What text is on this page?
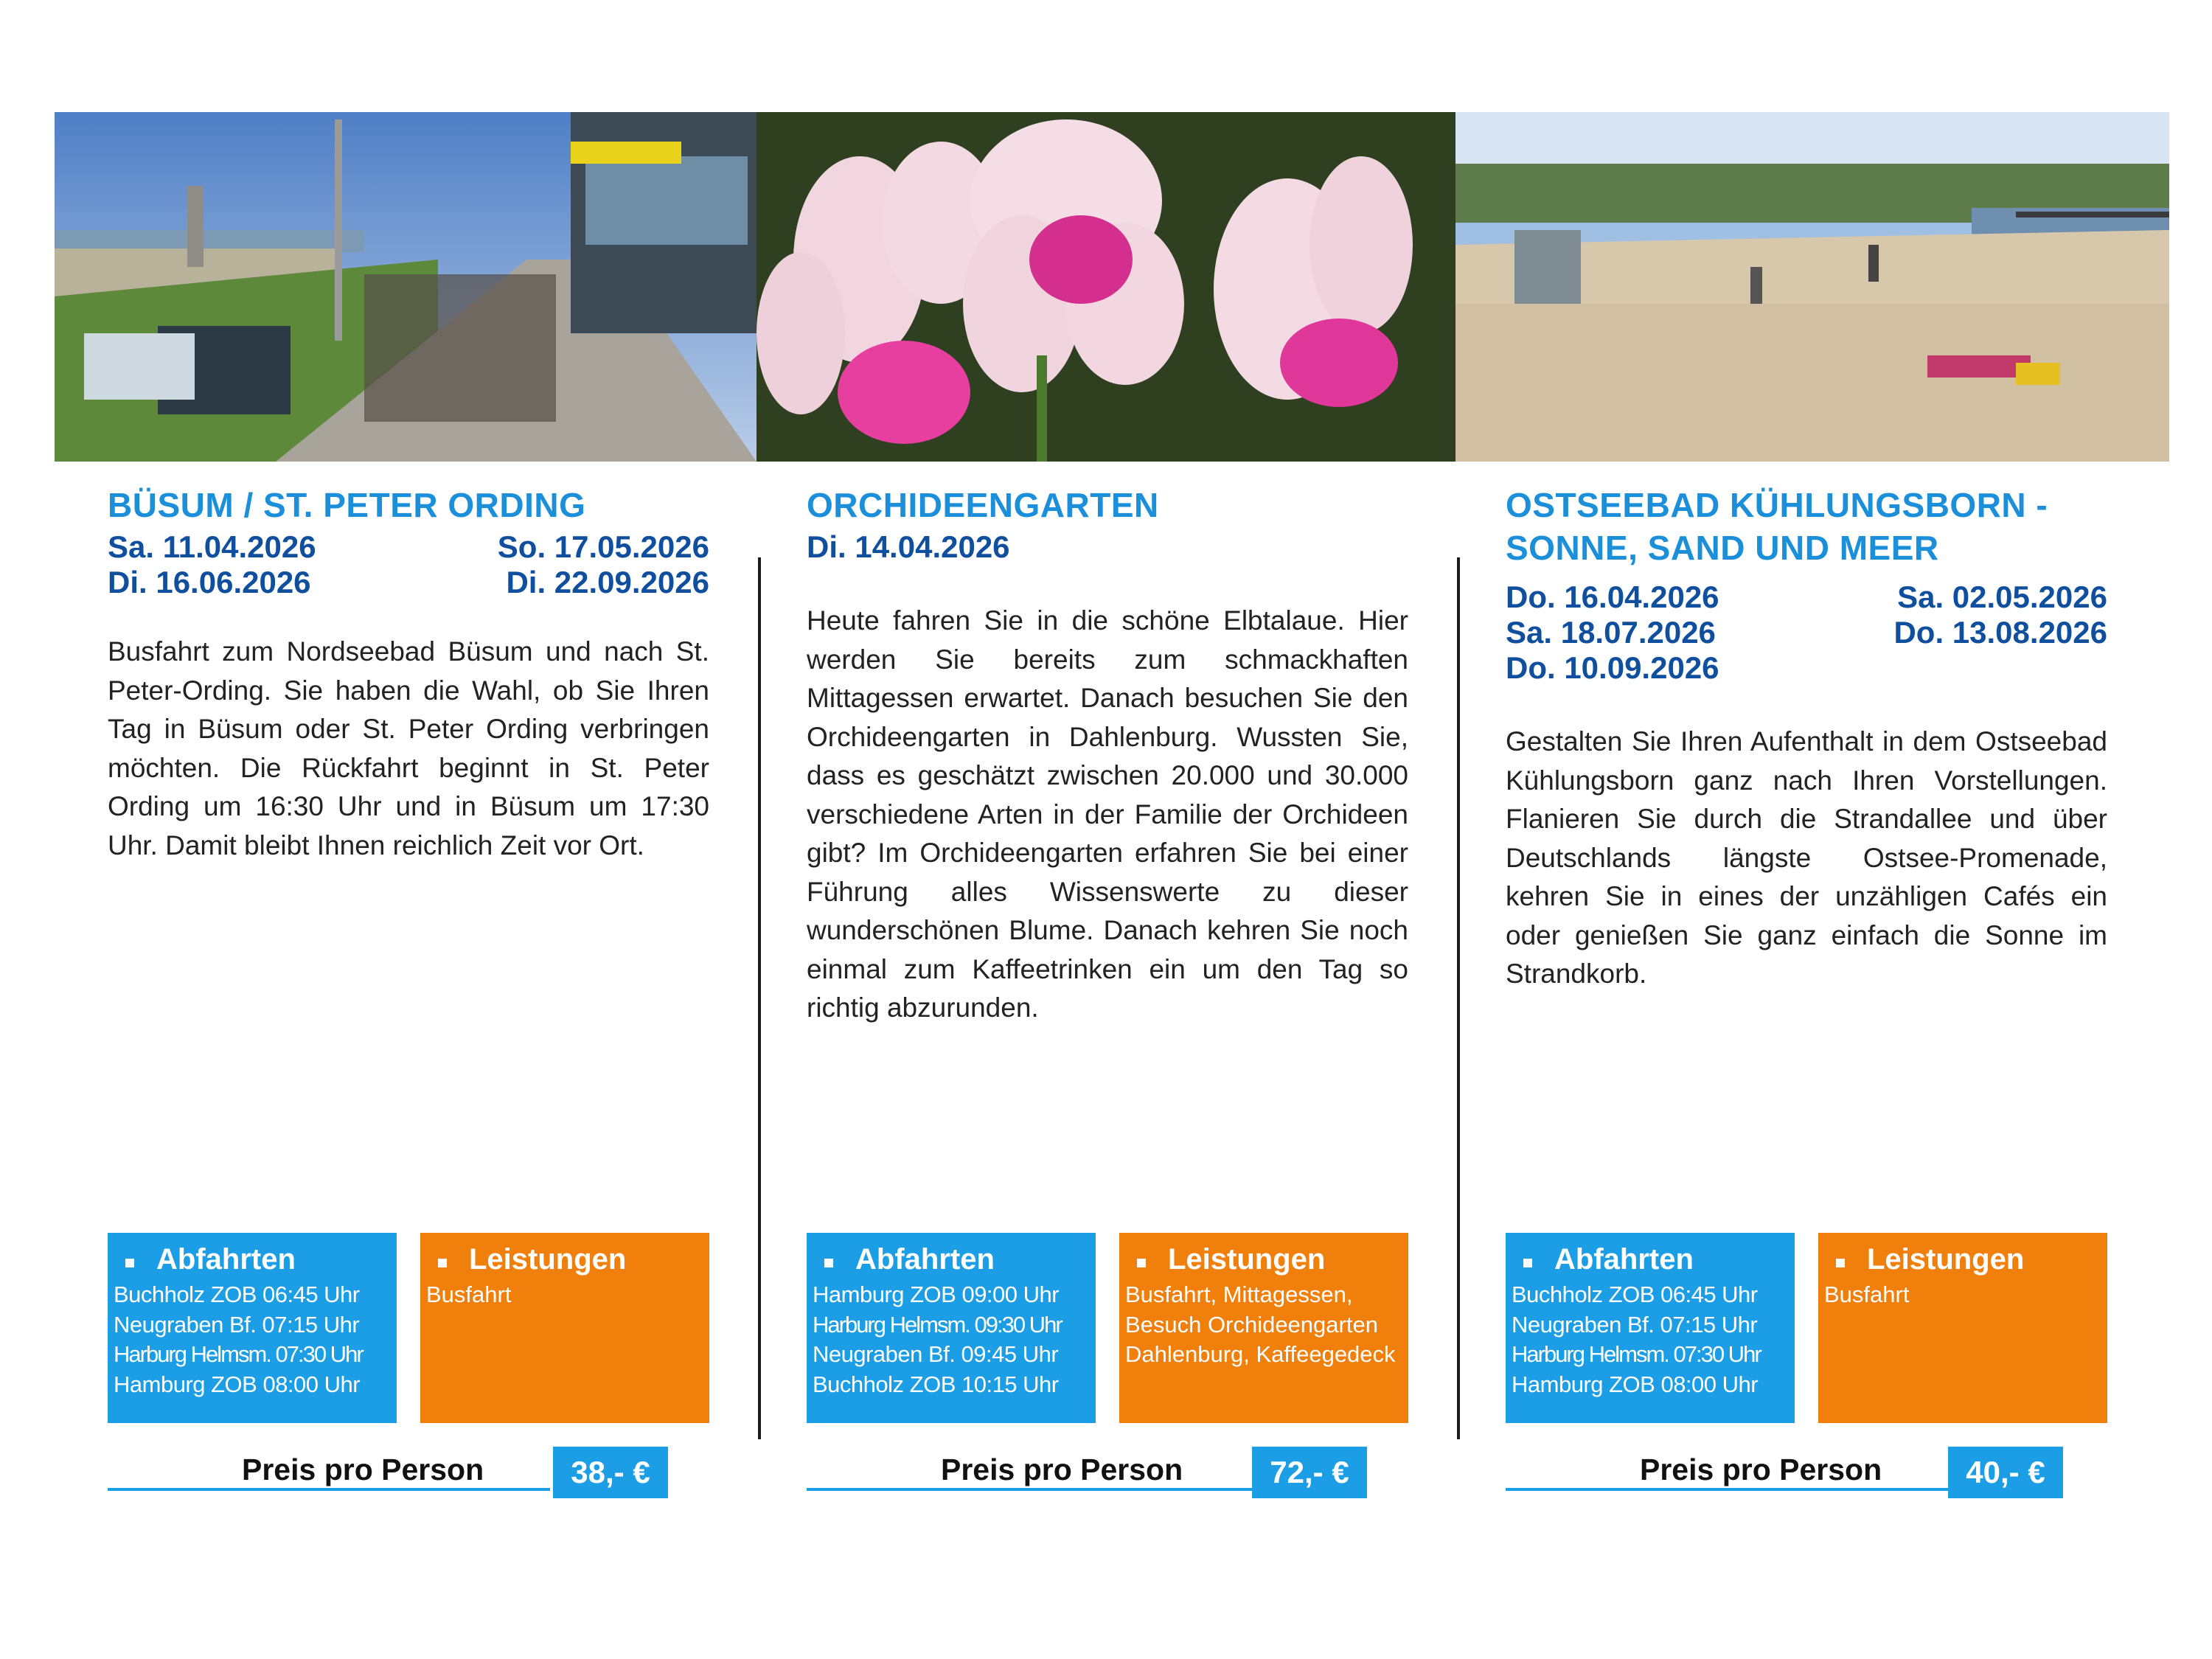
BÜSUM / ST. PETER ORDING
Sa. 11.04.2026	So. 17.05.2026
Di. 16.06.2026	Di. 22.09.2026
Busfahrt zum Nordseebad Büsum und nach St. Peter-Ording. Sie haben die Wahl, ob Sie Ihren Tag in Büsum oder St. Peter Ording verbringen möchten. Die Rückfahrt beginnt in St. Peter Ording um 16:30 Uhr und in Büsum um 17:30 Uhr. Damit bleibt Ihnen reichlich Zeit vor Ort.
ORCHIDEENGARTEN
Di. 14.04.2026
Heute fahren Sie in die schöne Elbtalaue. Hier werden Sie bereits zum schmackhaften Mittagessen erwartet. Danach besuchen Sie den Orchideengarten in Dahlenburg. Wussten Sie, dass es geschätzt zwischen 20.000 und 30.000 verschiedene Arten in der Familie der Orchideen gibt? Im Orchideengarten erfahren Sie bei einer Führung alles Wissenswerte zu dieser wunderschönen Blume. Danach kehren Sie noch einmal zum Kaffeetrinken ein um den Tag so richtig abzurunden.
OSTSEEBAD KÜHLUNGSBORN - SONNE, SAND UND MEER
Do. 16.04.2026	Sa. 02.05.2026
Sa. 18.07.2026	Do. 13.08.2026
Do. 10.09.2026
Gestalten Sie Ihren Aufenthalt in dem Ostseebad Kühlungsborn ganz nach Ihren Vorstellungen. Flanieren Sie durch die Strandallee und über Deutschlands längste Ostsee-Promenade, kehren Sie in eines der unzähligen Cafés ein oder genießen Sie ganz einfach die Sonne im Strandkorb.
Abfahrten
Buchholz ZOB 06:45 Uhr
Neugraben Bf. 07:15 Uhr
Harburg Helmsm. 07:30 Uhr
Hamburg ZOB 08:00 Uhr
Leistungen
Busfahrt
Abfahrten
Hamburg ZOB 09:00 Uhr
Harburg Helmsm. 09:30 Uhr
Neugraben Bf. 09:45 Uhr
Buchholz ZOB 10:15 Uhr
Leistungen
Busfahrt, Mittagessen, Besuch Orchideengarten Dahlenburg, Kaffeegedeck
Abfahrten
Buchholz ZOB 06:45 Uhr
Neugraben Bf. 07:15 Uhr
Harburg Helmsm. 07:30 Uhr
Hamburg ZOB 08:00 Uhr
Leistungen
Busfahrt
Preis pro Person	38,- €	Preis pro Person	72,- €	Preis pro Person	40,- €
